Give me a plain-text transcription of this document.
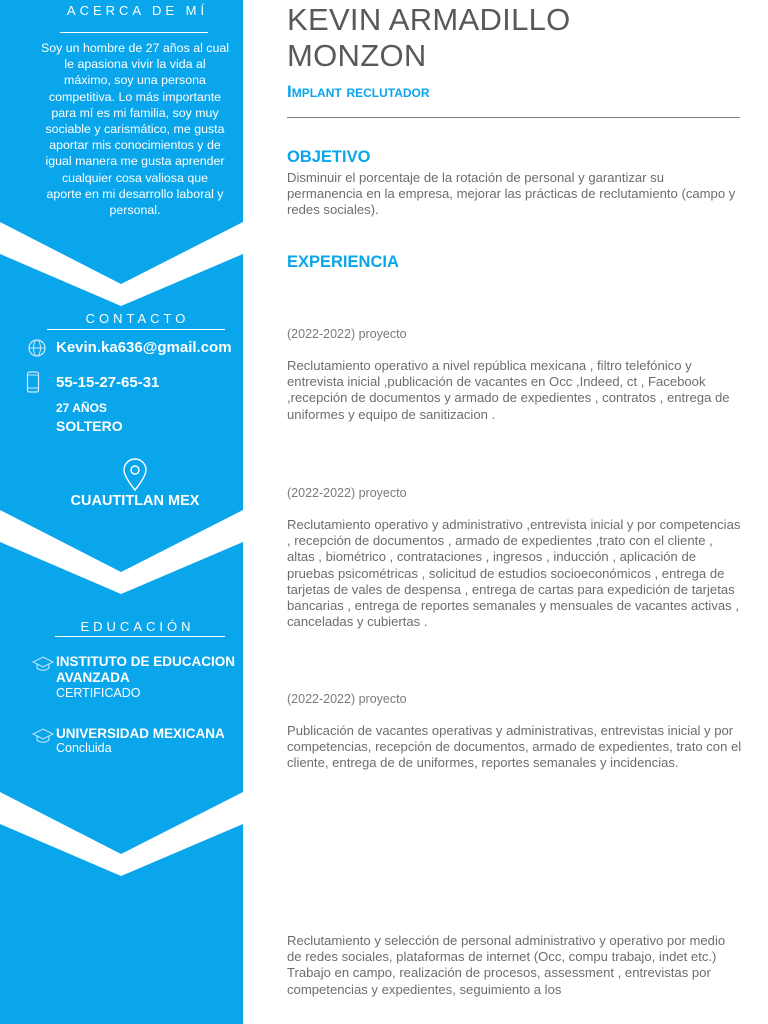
ACERCA DE MÍ
Soy un hombre de 27 años al cual
le apasiona vivir la vida al
máximo, soy una persona
competitiva. Lo más importante
para mí es mi familia, soy muy
sociable y carismático, me gusta
aportar mis conocimientos y de
igual manera me gusta aprender
cualquier cosa valiosa que
aporte en mi desarrollo laboral y
personal.
CONTACTO
Kevin.ka636@gmail.com
55-15-27-65-31
27 AÑOS
SOLTERO
CUAUTITLAN MEX
EDUCACIÓN
INSTITUTO DE EDUCACION AVANZADA
CERTIFICADO
UNIVERSIDAD MEXICANA
Concluida
KEVIN ARMADILLO
MONZON
Implant reclutador
OBJETIVO
Disminuir el porcentaje de la rotación de personal y garantizar su permanencia en la empresa, mejorar las prácticas de reclutamiento (campo y redes sociales).
EXPERIENCIA
(2022-2022) proyecto
Reclutamiento operativo a nivel república mexicana , filtro telefónico y entrevista inicial ,publicación de vacantes en Occ ,Indeed, ct , Facebook ,recepción de documentos y armado de expedientes , contratos , entrega de uniformes y equipo de sanitizacion .
(2022-2022) proyecto
Reclutamiento operativo y administrativo ,entrevista inicial y por competencias , recepción de documentos , armado de expedientes ,trato con el cliente , altas , biométrico , contrataciones , ingresos , inducción , aplicación de pruebas psicométricas , solicitud de estudios socioeconómicos , entrega de tarjetas de vales de despensa , entrega de cartas para expedición de tarjetas bancarias , entrega de reportes semanales y mensuales de vacantes activas , canceladas y cubiertas .
(2022-2022) proyecto
Publicación de vacantes operativas y administrativas, entrevistas inicial y por competencias, recepción de documentos, armado de expedientes, trato con el cliente, entrega de de uniformes, reportes semanales y incidencias.
Reclutamiento y selección de personal administrativo y operativo por medio de redes sociales, plataformas de internet (Occ, compu trabajo, indet etc.) Trabajo en campo, realización de procesos, assessment , entrevistas por competencias y expedientes, seguimiento a los
